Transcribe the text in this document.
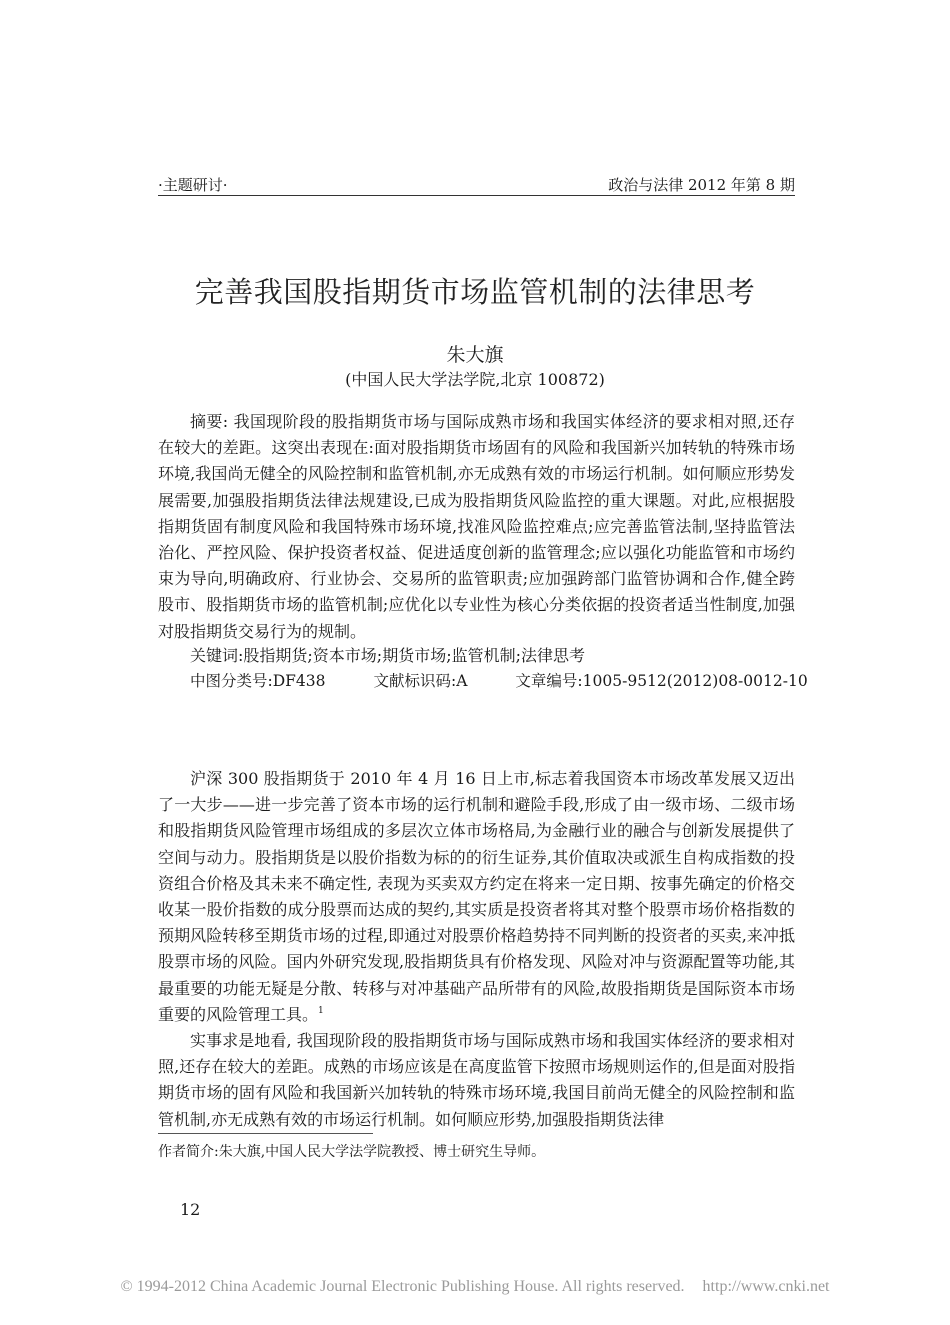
·主题研讨·	政治与法律 2012 年第 8 期
完善我国股指期货市场监管机制的法律思考
朱大旗
(中国人民大学法学院,北京 100872)
摘要: 我国现阶段的股指期货市场与国际成熟市场和我国实体经济的要求相对照,还存在较大的差距。这突出表现在:面对股指期货市场固有的风险和我国新兴加转轨的特殊市场环境,我国尚无健全的风险控制和监管机制,亦无成熟有效的市场运行机制。如何顺应形势发展需要,加强股指期货法律法规建设,已成为股指期货风险监控的重大课题。对此,应根据股指期货固有制度风险和我国特殊市场环境,找准风险监控难点;应完善监管法制,坚持监管法治化、严控风险、保护投资者权益、促进适度创新的监管理念;应以强化功能监管和市场约束为导向,明确政府、行业协会、交易所的监管职责;应加强跨部门监管协调和合作,健全跨股市、股指期货市场的监管机制;应优化以专业性为核心分类依据的投资者适当性制度,加强对股指期货交易行为的规制。
关键词:股指期货;资本市场;期货市场;监管机制;法律思考
中图分类号:DF438	文献标识码:A	文章编号:1005-9512(2012)08-0012-10

沪深 300 股指期货于 2010 年 4 月 16 日上市,标志着我国资本市场改革发展又迈出了一大步——进一步完善了资本市场的运行机制和避险手段,形成了由一级市场、二级市场和股指期货风险管理市场组成的多层次立体市场格局,为金融行业的融合与创新发展提供了空间与动力。股指期货是以股价指数为标的的衍生证券,其价值取决或派生自构成指数的投资组合价格及其未来不确定性, 表现为买卖双方约定在将来一定日期、按事先确定的价格交收某一股价指数的成分股票而达成的契约,其实质是投资者将其对整个股票市场价格指数的预期风险转移至期货市场的过程,即通过对股票价格趋势持不同判断的投资者的买卖,来冲抵股票市场的风险。国内外研究发现,股指期货具有价格发现、风险对冲与资源配置等功能,其最重要的功能无疑是分散、转移与对冲基础产品所带有的风险,故股指期货是国际资本市场重要的风险管理工具。$^1$

实事求是地看, 我国现阶段的股指期货市场与国际成熟市场和我国实体经济的要求相对照,还存在较大的差距。成熟的市场应该是在高度监管下按照市场规则运作的,但是面对股指期货市场的固有风险和我国新兴加转轨的特殊市场环境,我国目前尚无健全的风险控制和监管机制,亦无成熟有效的市场运行机制。如何顺应形势,加强股指期货法律

作者简介:朱大旗,中国人民大学法学院教授、博士研究生导师。
12
© 1994-2012 China Academic Journal Electronic Publishing House. All rights reserved. http://www.cnki.net
